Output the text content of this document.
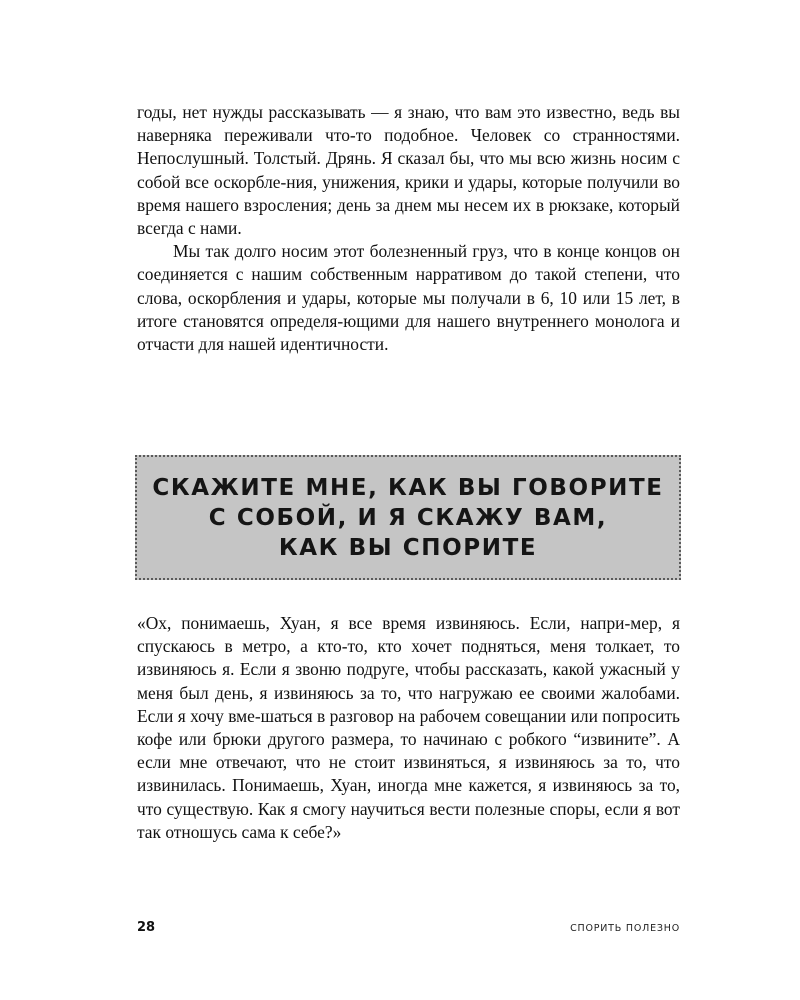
годы, нет нужды рассказывать — я знаю, что вам это известно, ведь вы наверняка переживали что-то подобное. Человек со странностями. Непослушный. Толстый. Дрянь. Я сказал бы, что мы всю жизнь носим с собой все оскорбле-ния, унижения, крики и удары, которые получили во время нашего взросления; день за днем мы несем их в рюкзаке, который всегда с нами.

Мы так долго носим этот болезненный груз, что в конце концов он соединяется с нашим собственным нарративом до такой степени, что слова, оскорбления и удары, которые мы получали в 6, 10 или 15 лет, в итоге становятся определя-ющими для нашего внутреннего монолога и отчасти для нашей идентичности.

СКАЖИТЕ МНЕ, КАК ВЫ ГОВОРИТЕ
С СОБОЙ, И Я СКАЖУ ВАМ,
КАК ВЫ СПОРИТЕ

«Ох, понимаешь, Хуан, я все время извиняюсь. Если, напри-мер, я спускаюсь в метро, а кто-то, кто хочет подняться, меня толкает, то извиняюсь я. Если я звоню подруге, чтобы рассказать, какой ужасный у меня был день, я извиняюсь за то, что нагружаю ее своими жалобами. Если я хочу вме-шаться в разговор на рабочем совещании или попросить кофе или брюки другого размера, то начинаю с робкого “извините”. А если мне отвечают, что не стоит извиняться, я извиняюсь за то, что извинилась. Понимаешь, Хуан, иногда мне кажется, я извиняюсь за то, что существую. Как я смогу научиться вести полезные споры, если я вот так отношусь сама к себе?»

28	СПОРИТЬ ПОЛЕЗНО
